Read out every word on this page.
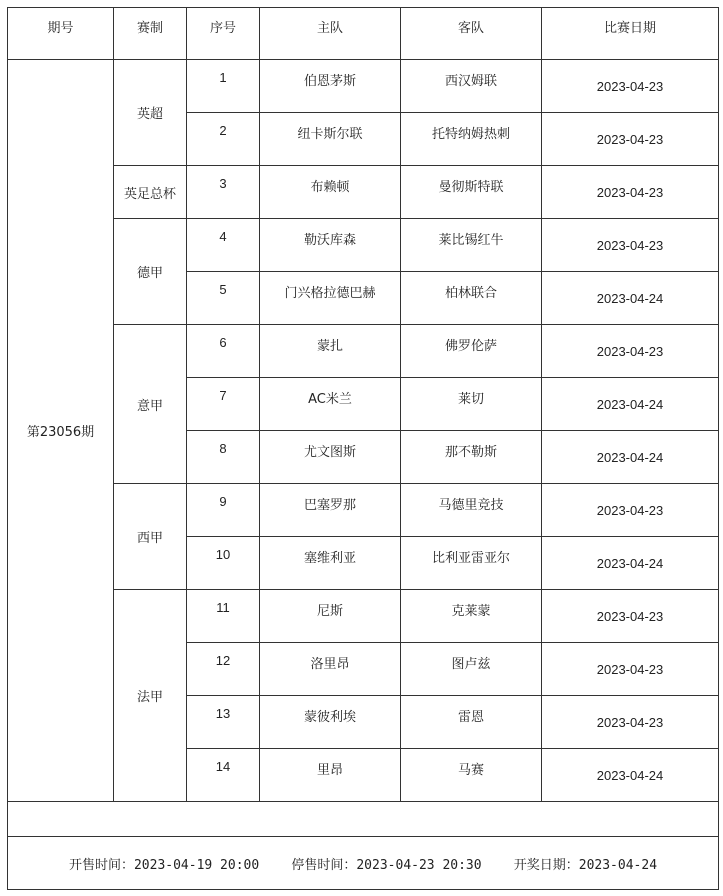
期号	赛制	序号	主队	客队	比赛日期
第23056期	英超	1	伯恩茅斯	西汉姆联	2023-04-23
		2	纽卡斯尔联	托特纳姆热刺	2023-04-23
	英足总杯	3	布赖顿	曼彻斯特联	2023-04-23
	德甲	4	勒沃库森	莱比锡红牛	2023-04-23
		5	门兴格拉德巴赫	柏林联合	2023-04-24
	意甲	6	蒙扎	佛罗伦萨	2023-04-23
		7	AC米兰	莱切	2023-04-24
		8	尤文图斯	那不勒斯	2023-04-24
	西甲	9	巴塞罗那	马德里竞技	2023-04-23
		10	塞维利亚	比利亚雷亚尔	2023-04-24
	法甲	11	尼斯	克莱蒙	2023-04-23
		12	洛里昂	图卢兹	2023-04-23
		13	蒙彼利埃	雷恩	2023-04-23
		14	里昂	马赛	2023-04-24

开售时间：2023-04-19 20:00 停售时间：2023-04-23 20:30 开奖日期：2023-04-24					
